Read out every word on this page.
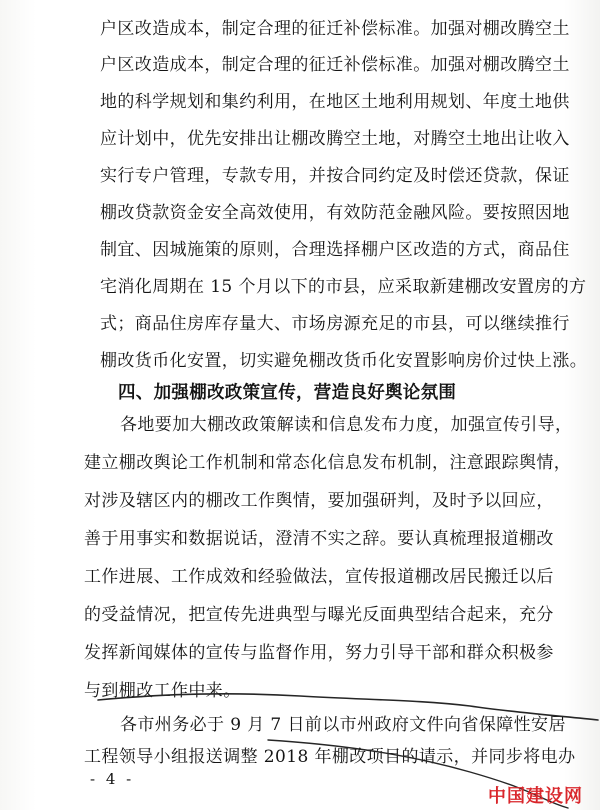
户区改造成本，制定合理的征迁补偿标准。加强对棚改腾空土
户区改造成本，制定合理的征迁补偿标准。加强对棚改腾空土
地的科学规划和集约利用，在地区土地利用规划、年度土地供
应计划中，优先安排出让棚改腾空土地，对腾空土地出让收入
实行专户管理，专款专用，并按合同约定及时偿还贷款，保证
棚改贷款资金安全高效使用，有效防范金融风险。要按照因地
制宜、因城施策的原则，合理选择棚户区改造的方式，商品住
宅消化周期在 15 个月以下的市县，应采取新建棚改安置房的方
式；商品住房库存量大、市场房源充足的市县，可以继续推行
棚改货币化安置，切实避免棚改货币化安置影响房价过快上涨。
四、加强棚改政策宣传，营造良好舆论氛围
各地要加大棚改政策解读和信息发布力度，加强宣传引导，
建立棚改舆论工作机制和常态化信息发布机制，注意跟踪舆情，
对涉及辖区内的棚改工作舆情，要加强研判，及时予以回应，
善于用事实和数据说话，澄清不实之辞。要认真梳理报道棚改
工作进展、工作成效和经验做法，宣传报道棚改居民搬迁以后
的受益情况，把宣传先进典型与曝光反面典型结合起来，充分
发挥新闻媒体的宣传与监督作用，努力引导干部和群众积极参
与到棚改工作中来。
各市州务必于 9 月 7 日前以市州政府文件向省保障性安居
工程领导小组报送调整 2018 年棚改项目的请示，并同步将电办
- 4 -
中国建设网
